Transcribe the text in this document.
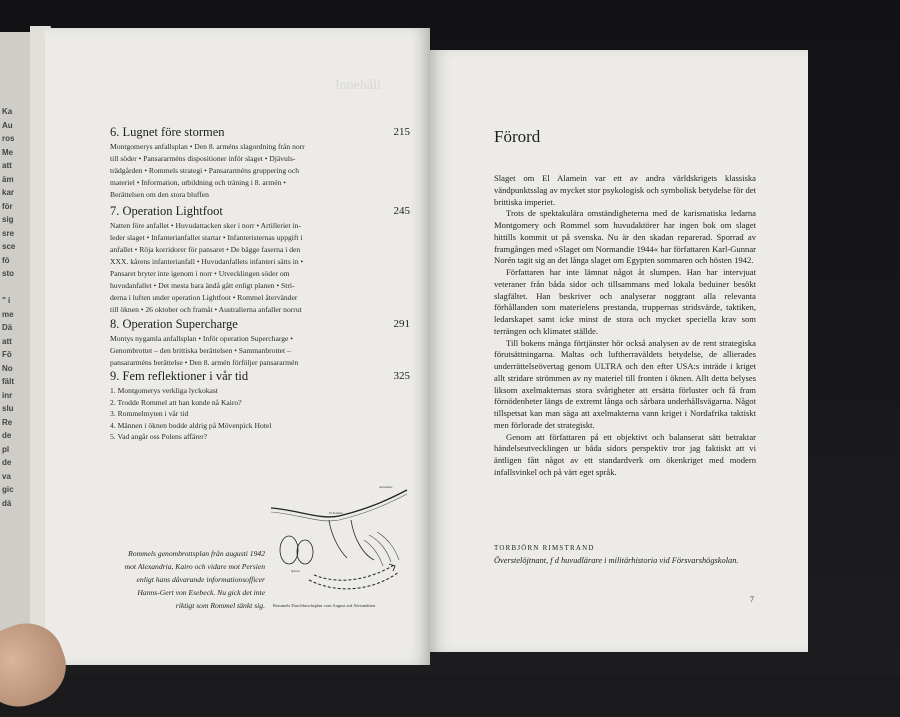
Ka
Au
ros
Me
att
äm
kar
för
sig
sre
sce
fö
sto

" i
me
Dä
att
Fö
No
fält
inr
slu
Re
de
pl
de
va
gic
dä
Innehåll
6. Lugnet före stormen	215
Montgomerys anfallsplan • Den 8. arméns slagordning från norr
till söder • Pansararméns dispositioner inför slaget • Djävuls-
trädgården • Rommels strategi • Pansararméns gruppering och
materiel • Information, utbildning och träning i 8. armén •
Berättelsen om den stora bluffen
7. Operation Lightfoot	245
Natten före anfallet • Huvudattacken sker i norr • Artilleriet in-
leder slaget • Infanterianfallet startar • Infanteristernas uppgift i
anfallet • Röja korridorer för pansaret • De bägge faserna i den
XXX. kårens infanterianfall • Huvudanfallets infanteri sätts in •
Pansaret bryter inte igenom i norr • Utvecklingen söder om
huvudanfallet • Det mesta bara ändå gått enligt planen • Stri-
derna i luften under operation Lightfoot • Rommel återvänder
till öknen • 26 oktober och framåt • Australierna anfaller norrut
8. Operation Supercharge	291
Montys nygamla anfallsplan • Inför operation Supercharge •
Genombrottet – den brittiska berättelsen • Sammanbrottet –
pansararméns berättelse • Den 8. armén förföljer pansararmén
9. Fem reflektioner i vår tid	325
1. Montgomerys verkliga lyckokast
2. Trodde Rommel att han kunde nå Kairo?
3. Rommelmyten i vår tid
4. Männen i öknen bodde aldrig på Mövenpick Hotel
5. Vad angår oss Polens affärer?
Rommels genombrottsplan från augusti 1942
mot Alexandria, Kairo och vidare mot Persien
enligt hans dåvarande informationsofficer
Hanns-Gert von Esebeck. Nu gick det inte
riktigt som Rommel tänkt sig.
Alexandria
El Alamein
Qattara
Rommels Durchbruchsplan vom August auf Alexandrien
Förord

Slaget om El Alamein var ett av andra världskrigets klassiska vändpunktsslag av mycket stor psykologisk och symbolisk betydelse för det brittiska imperiet.

Trots de spektakulära omständigheterna med de karismatiska ledarna Montgomery och Rommel som huvudaktörer har ingen bok om slaget hittills kommit ut på svenska. Nu är den skadan reparerad. Sporrad av framgången med »Slaget om Normandie 1944« har författaren Karl-Gunnar Norén tagit sig an det långa slaget om Egypten sommaren och hösten 1942.

Författaren har inte lämnat något åt slumpen. Han har intervjuat veteraner från båda sidor och tillsammans med lokala beduiner besökt slagfältet. Han beskriver och analyserar noggrant alla relevanta förhållanden som materielens prestanda, truppernas stridsvärde, taktiken, ledarskapet samt icke minst de stora och mycket speciella krav som terrängen och klimatet ställde.

Till bokens många förtjänster hör också analysen av de rent strategiska förutsättningarna. Maltas och luftherraväldets betydelse, de allierades underrättelseövertag genom ULTRA och den efter USA:s inträde i kriget allt stridare strömmen av ny materiel till fronten i öknen. Allt detta belyses liksom axelmakternas stora svårigheter att ersätta förluster och få fram förnödenheter längs de extremt långa och sårbara underhållsvägarna. Något tillspetsat kan man säga att axelmakterna vann kriget i Nordafrika taktiskt men förlorade det strategiskt.

Genom att författaren på ett objektivt och balanserat sätt betraktar händelseutvecklingen ur båda sidors perspektiv tror jag faktiskt att vi äntligen fått något av ett standardverk om ökenkriget med modern infallsvinkel och på värt eget språk.

TORBJÖRN RIMSTRAND
Överstelöjtnant, f d huvudlärare i militärhistoria vid Försvarshögskolan.
7
